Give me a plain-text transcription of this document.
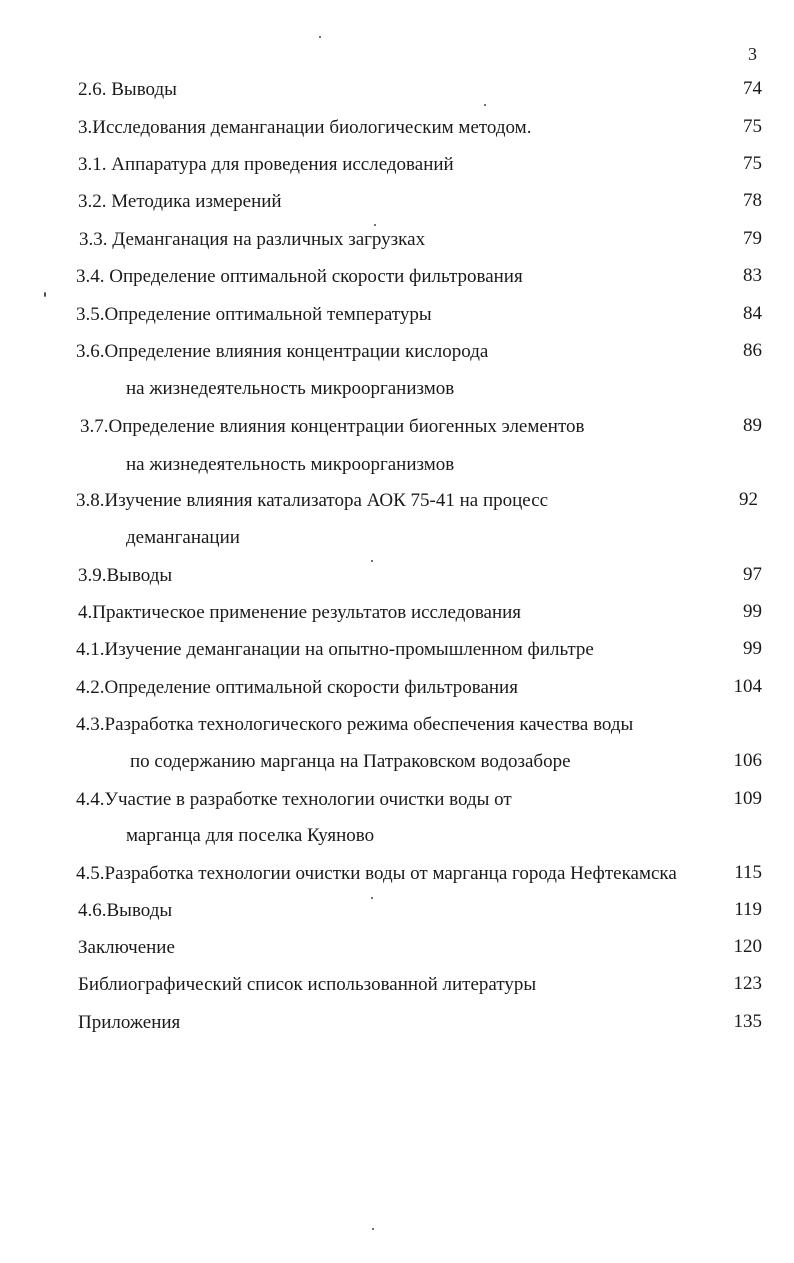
3
2.6. Выводы	74
3.Исследования деманганации биологическим методом.	75
3.1. Аппаратура для проведения исследований	75
3.2. Методика измерений	78
3.3. Деманганация на различных загрузках	79
3.4. Определение оптимальной скорости фильтрования	83
3.5.Определение оптимальной температуры	84
3.6.Определение влияния концентрации кислорода	86
на жизнедеятельность микроорганизмов
3.7.Определение влияния концентрации биогенных элементов	89
на жизнедеятельность микроорганизмов
3.8.Изучение влияния катализатора АОК 75-41 на процесс	92
деманганации
3.9.Выводы	97
4.Практическое применение результатов исследования	99
4.1.Изучение деманганации на опытно-промышленном фильтре	99
4.2.Определение оптимальной скорости фильтрования	104
4.3.Разработка технологического режима обеспечения качества воды
по содержанию марганца на Патраковском водозаборе	106
4.4.Участие в разработке технологии очистки воды от	109
марганца для поселка Куяново
4.5.Разработка технологии очистки воды от марганца города Нефтекамска	115
4.6.Выводы	119
Заключение	120
Библиографический список использованной литературы	123
Приложения	135
